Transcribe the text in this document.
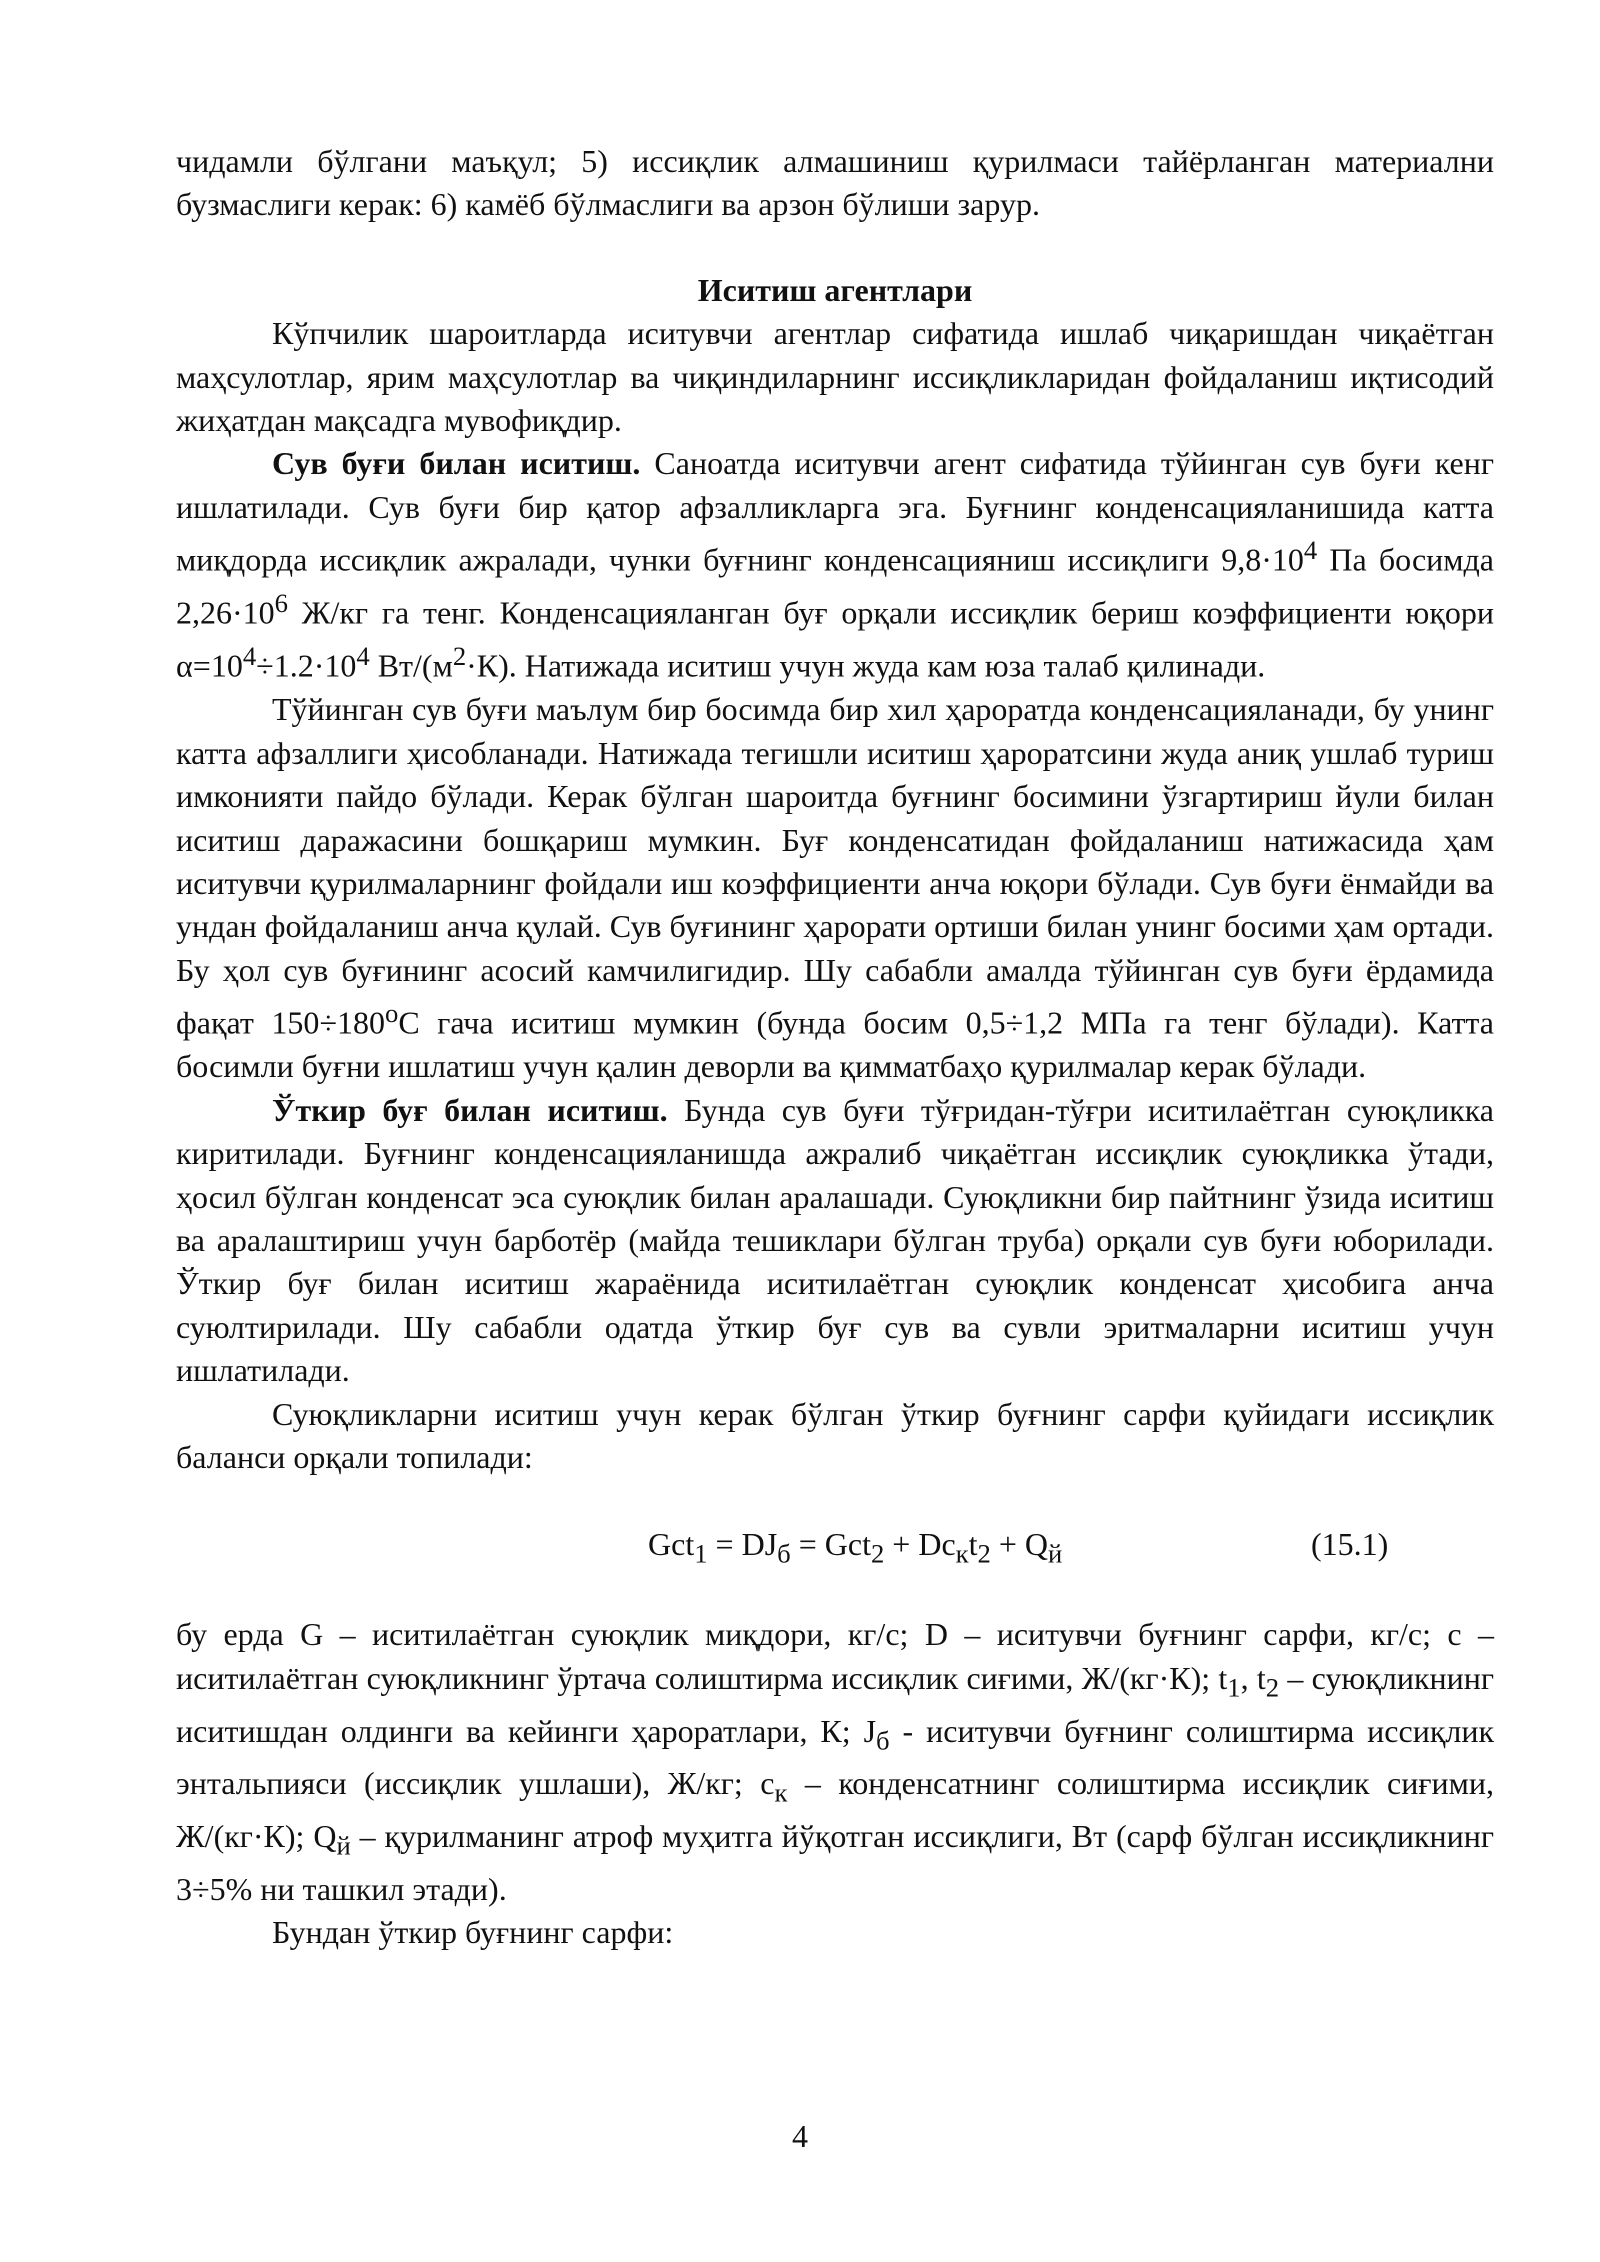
чидамли бўлгани маъқул; 5) иссиқлик алмашиниш қурилмаси тайёрланган материални бузмаслиги керак: 6) камёб бўлмаслиги ва арзон бўлиши зарур.

Иситиш агентлари

Кўпчилик шароитларда иситувчи агентлар сифатида ишлаб чиқаришдан чиқаётган маҳсулотлар, ярим маҳсулотлар ва чиқиндиларнинг иссиқликларидан фойдаланиш иқтисодий жиҳатдан мақсадга мувофиқдир.

Сув буғи билан иситиш. Саноатда иситувчи агент сифатида тўйинган сув буғи кенг ишлатилади. Сув буғи бир қатор афзалликларга эга. Буғнинг конденсацияланишида катта миқдорда иссиқлик ажралади, чунки буғнинг конденсацияниш иссиқлиги $9,8\cdot 10^4$ Па босимда $2,26\cdot 10^6$ Ж/кг га тенг. Конденсацияланган буғ орқали иссиқлик бериш коэффициенти юқори $\alpha=10^4\div 1.2\cdot 10^4$ $Вт/(м^2\cdot К)$. Натижада иситиш учун жуда кам юза талаб қилинади.

Тўйинган сув буғи маълум бир босимда бир хил ҳароратда конденсацияланади, бу унинг катта афзаллиги ҳисобланади. Натижада тегишли иситиш ҳароратсини жуда аниқ ушлаб туриш имконияти пайдо бўлади. Керак бўлган шароитда буғнинг босимини ўзгартириш йули билан иситиш даражасини бошқариш мумкин. Буғ конденсатидан фойдаланиш натижасида ҳам иситувчи қурилмаларнинг фойдали иш коэффициенти анча юқори бўлади. Сув буғи ёнмайди ва ундан фойдаланиш анча қулай. Сув буғининг ҳарорати ортиши билан унинг босими ҳам ортади. Бу ҳол сув буғининг асосий камчилигидир. Шу сабабли амалда тўйинган сув буғи ёрдамида фақат $150\div 180^оС$ гача иситиш мумкин (бунда босим 0,5÷1,2 МПа га тенг бўлади). Катта босимли буғни ишлатиш учун қалин деворли ва қимматбаҳо қурилмалар керак бўлади.

Ўткир буғ билан иситиш. Бунда сув буғи тўғридан-тўғри иситилаётган суюқликка киритилади. Буғнинг конденсацияланишда ажралиб чиқаётган иссиқлик суюқликка ўтади, ҳосил бўлган конденсат эса суюқлик билан аралашади. Суюқликни бир пайтнинг ўзида иситиш ва аралаштириш учун барботёр (майда тешиклари бўлган труба) орқали сув буғи юборилади. Ўткир буғ билан иситиш жараёнида иситилаётган суюқлик конденсат ҳисобига анча суюлтирилади. Шу сабабли одатда ўткир буғ сув ва сувли эритмаларни иситиш учун ишлатилади.

Суюқликларни иситиш учун керак бўлган ўткир буғнинг сарфи қуйидаги иссиқлик баланси орқали топилади:

$Gct_1 = DJ_б = Gct_2 + Dc_кt_2 + Q_й$	(15.1)

бу ерда G – иситилаётган суюқлик миқдори, кг/с; D – иситувчи буғнинг сарфи, кг/с; c – иситилаётган суюқликнинг ўртача солиштирма иссиқлик сиғими, Ж/(кг·К); $t_1$, $t_2$ – суюқликнинг иситишдан олдинги ва кейинги ҳароратлари, К; $J_б$ - иситувчи буғнинг солиштирма иссиқлик энтальпияси (иссиқлик ушлаши), Ж/кг; $c_к$ – конденсатнинг солиштирма иссиқлик сиғими, Ж/(кг·К); $Q_й$ – қурилманинг атроф муҳитга йўқотган иссиқлиги, Вт (сарф бўлган иссиқликнинг 3÷5% ни ташкил этади).

Бундан ўткир буғнинг сарфи:

4
